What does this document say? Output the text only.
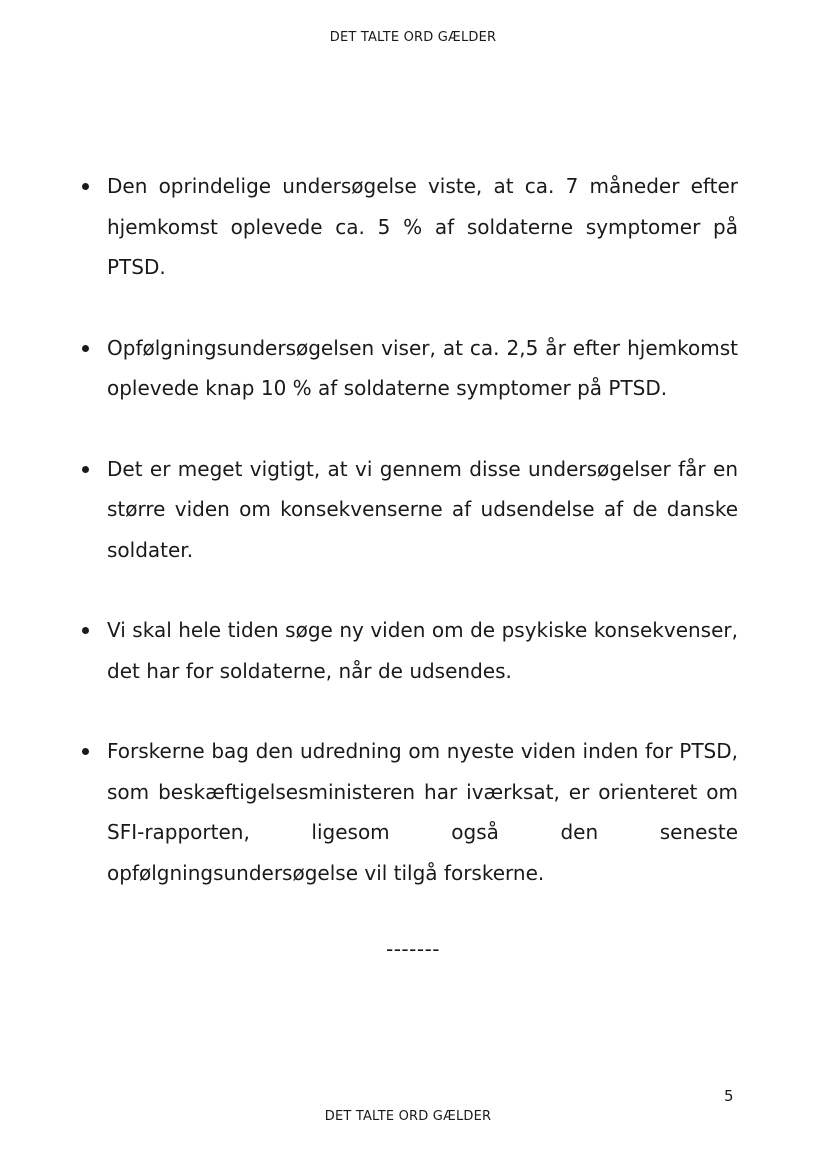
DET TALTE ORD GÆLDER
Den oprindelige undersøgelse viste, at ca. 7 måneder efter hjemkomst oplevede ca. 5 % af soldaterne symptomer på PTSD.
Opfølgningsundersøgelsen viser, at ca. 2,5 år efter hjemkomst oplevede knap 10 % af soldaterne symptomer på PTSD.
Det er meget vigtigt, at vi gennem disse undersøgelser får en større viden om konsekvenserne af udsendelse af de danske soldater.
Vi skal hele tiden søge ny viden om de psykiske konsekvenser, det har for soldaterne, når de udsendes.
Forskerne bag den udredning om nyeste viden inden for PTSD, som beskæftigelsesministeren har iværksat, er orienteret om SFI-rapporten, ligesom også den seneste opfølgningsundersøgelse vil tilgå forskerne.
-------
5
DET TALTE ORD GÆLDER
